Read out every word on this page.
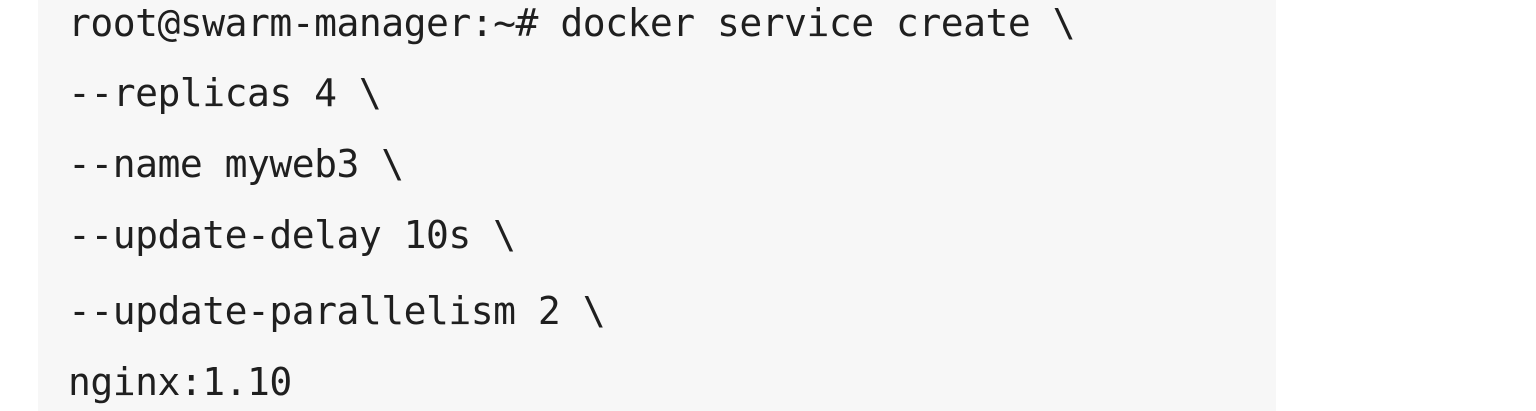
root@swarm-manager:~# docker service create \
--replicas 4 \
--name myweb3 \
--update-delay 10s \
--update-parallelism 2 \
nginx:1.10
